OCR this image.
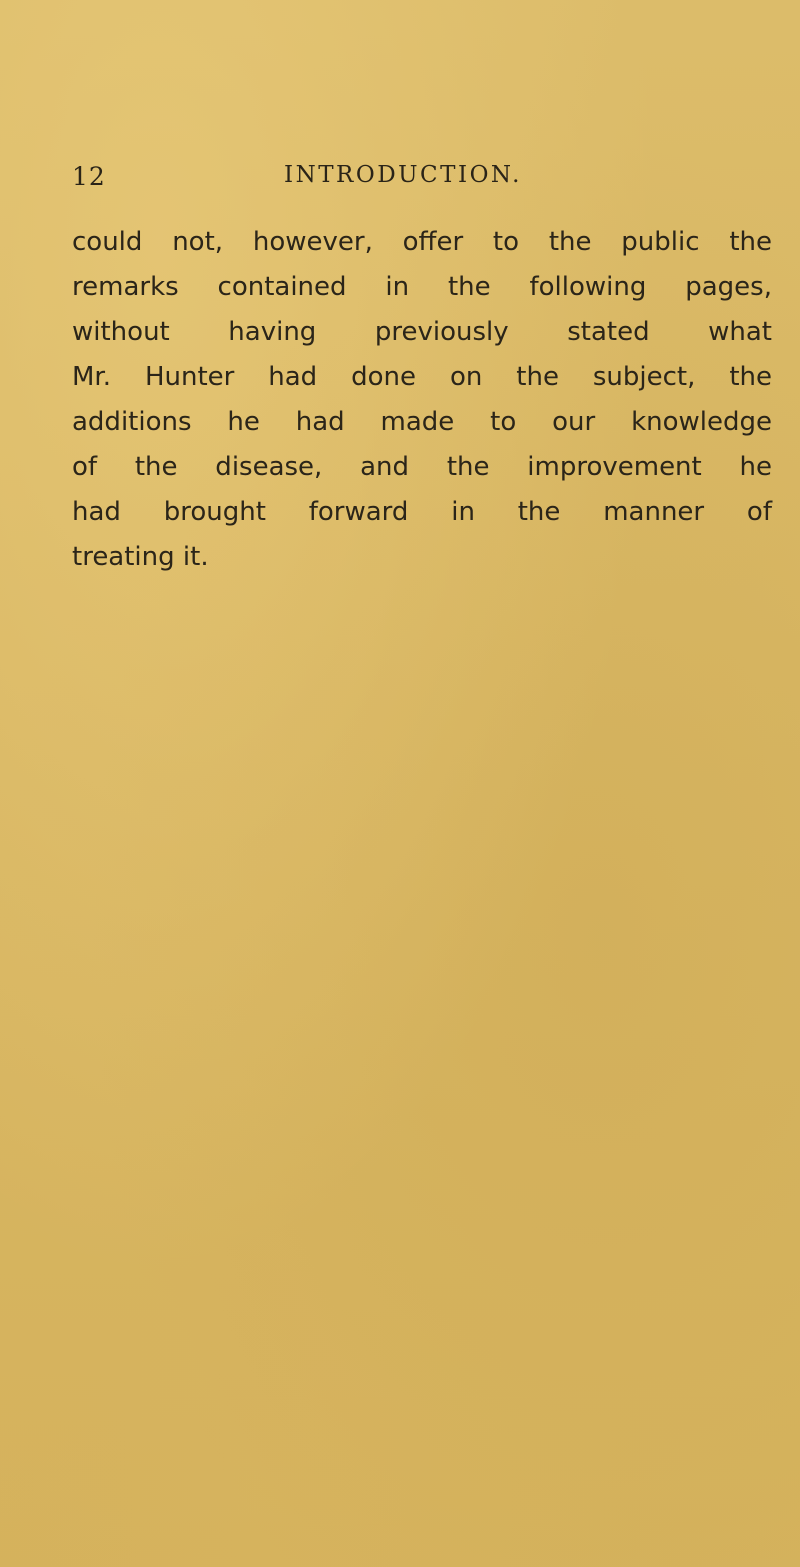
12	INTRODUCTION.
could not, however, offer to the public the
remarks contained in the following pages,
without having previously stated what
Mr. Hunter had done on the subject, the
additions he had made to our knowledge
of the disease, and the improvement he
had brought forward in the manner of
treating it.
